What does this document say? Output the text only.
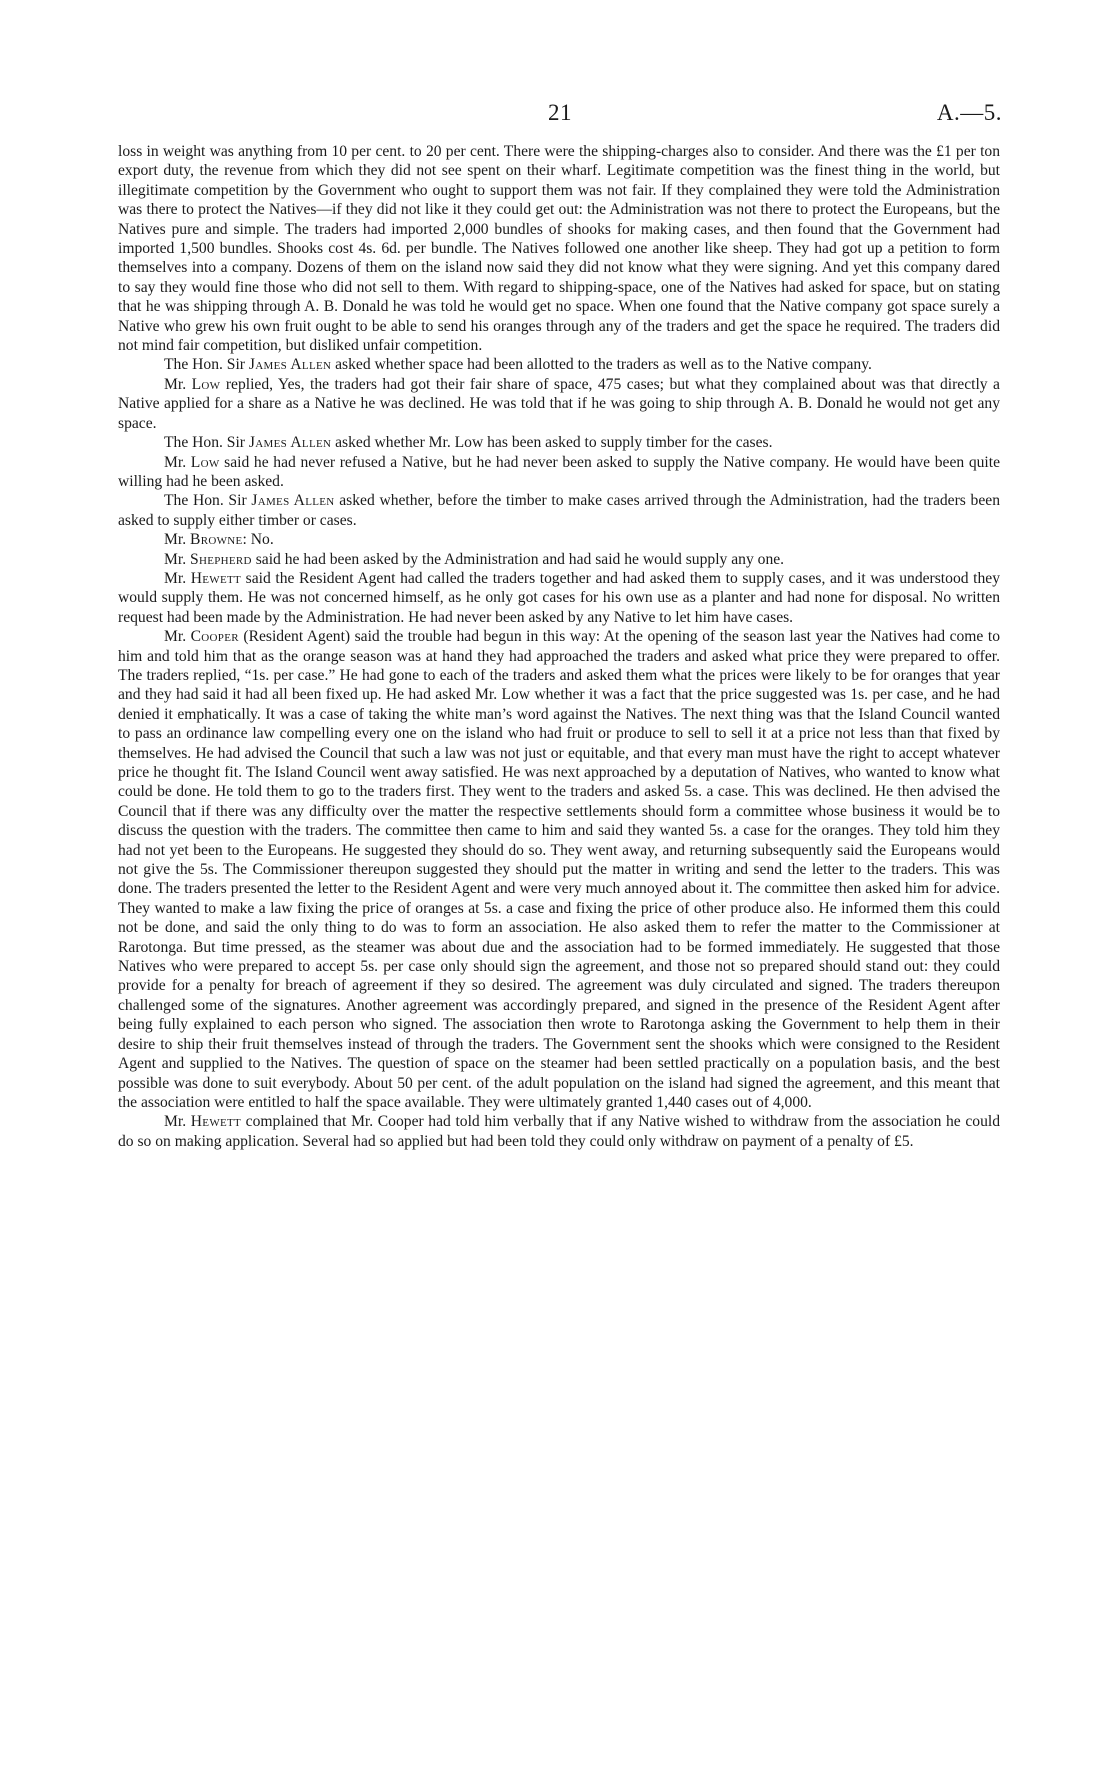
21	A.—5.

loss in weight was anything from 10 per cent. to 20 per cent. There were the shipping-charges also to consider. And there was the £1 per ton export duty, the revenue from which they did not see spent on their wharf. Legitimate competition was the finest thing in the world, but illegitimate competition by the Government who ought to support them was not fair. If they complained they were told the Administration was there to protect the Natives—if they did not like it they could get out: the Administration was not there to protect the Europeans, but the Natives pure and simple. The traders had imported 2,000 bundles of shooks for making cases, and then found that the Government had imported 1,500 bundles. Shooks cost 4s. 6d. per bundle. The Natives followed one another like sheep. They had got up a petition to form themselves into a company. Dozens of them on the island now said they did not know what they were signing. And yet this company dared to say they would fine those who did not sell to them. With regard to shipping-space, one of the Natives had asked for space, but on stating that he was shipping through A. B. Donald he was told he would get no space. When one found that the Native company got space surely a Native who grew his own fruit ought to be able to send his oranges through any of the traders and get the space he required. The traders did not mind fair competition, but disliked unfair competition.

The Hon. Sir James Allen asked whether space had been allotted to the traders as well as to the Native company.

Mr. Low replied, Yes, the traders had got their fair share of space, 475 cases; but what they complained about was that directly a Native applied for a share as a Native he was declined. He was told that if he was going to ship through A. B. Donald he would not get any space.

The Hon. Sir James Allen asked whether Mr. Low has been asked to supply timber for the cases.

Mr. Low said he had never refused a Native, but he had never been asked to supply the Native company. He would have been quite willing had he been asked.

The Hon. Sir James Allen asked whether, before the timber to make cases arrived through the Administration, had the traders been asked to supply either timber or cases.

Mr. Browne: No.

Mr. Shepherd said he had been asked by the Administration and had said he would supply any one.

Mr. Hewett said the Resident Agent had called the traders together and had asked them to supply cases, and it was understood they would supply them. He was not concerned himself, as he only got cases for his own use as a planter and had none for disposal. No written request had been made by the Administration. He had never been asked by any Native to let him have cases.

Mr. Cooper (Resident Agent) said the trouble had begun in this way: At the opening of the season last year the Natives had come to him and told him that as the orange season was at hand they had approached the traders and asked what price they were prepared to offer. The traders replied, “1s. per case.” He had gone to each of the traders and asked them what the prices were likely to be for oranges that year and they had said it had all been fixed up. He had asked Mr. Low whether it was a fact that the price suggested was 1s. per case, and he had denied it emphatically. It was a case of taking the white man’s word against the Natives. The next thing was that the Island Council wanted to pass an ordinance law compelling every one on the island who had fruit or produce to sell to sell it at a price not less than that fixed by themselves. He had advised the Council that such a law was not just or equitable, and that every man must have the right to accept whatever price he thought fit. The Island Council went away satisfied. He was next approached by a deputation of Natives, who wanted to know what could be done. He told them to go to the traders first. They went to the traders and asked 5s. a case. This was declined. He then advised the Council that if there was any difficulty over the matter the respective settlements should form a committee whose business it would be to discuss the question with the traders. The committee then came to him and said they wanted 5s. a case for the oranges. They told him they had not yet been to the Europeans. He suggested they should do so. They went away, and returning subsequently said the Europeans would not give the 5s. The Commissioner thereupon suggested they should put the matter in writing and send the letter to the traders. This was done. The traders presented the letter to the Resident Agent and were very much annoyed about it. The committee then asked him for advice. They wanted to make a law fixing the price of oranges at 5s. a case and fixing the price of other produce also. He informed them this could not be done, and said the only thing to do was to form an association. He also asked them to refer the matter to the Commissioner at Rarotonga. But time pressed, as the steamer was about due and the association had to be formed immediately. He suggested that those Natives who were prepared to accept 5s. per case only should sign the agreement, and those not so prepared should stand out: they could provide for a penalty for breach of agreement if they so desired. The agreement was duly circulated and signed. The traders thereupon challenged some of the signatures. Another agreement was accordingly prepared, and signed in the presence of the Resident Agent after being fully explained to each person who signed. The association then wrote to Rarotonga asking the Government to help them in their desire to ship their fruit themselves instead of through the traders. The Government sent the shooks which were consigned to the Resident Agent and supplied to the Natives. The question of space on the steamer had been settled practically on a population basis, and the best possible was done to suit everybody. About 50 per cent. of the adult population on the island had signed the agreement, and this meant that the association were entitled to half the space available. They were ultimately granted 1,440 cases out of 4,000.

Mr. Hewett complained that Mr. Cooper had told him verbally that if any Native wished to withdraw from the association he could do so on making application. Several had so applied but had been told they could only withdraw on payment of a penalty of £5.
